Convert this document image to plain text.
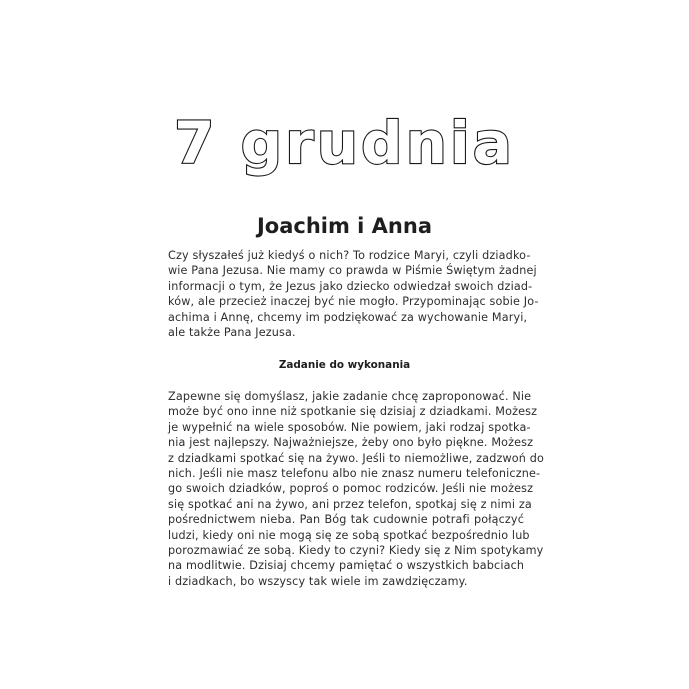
7 grudnia
Joachim i Anna

Czy słyszałeś już kiedyś o nich? To rodzice Maryi, czyli dziadko-
wie Pana Jezusa. Nie mamy co prawda w Piśmie Świętym żadnej
informacji o tym, że Jezus jako dziecko odwiedzał swoich dziad-
ków, ale przecież inaczej być nie mogło. Przypominając sobie Jo-
achima i Annę, chcemy im podziękować za wychowanie Maryi,
ale także Pana Jezusa.

Zadanie do wykonania

Zapewne się domyślasz, jakie zadanie chcę zaproponować. Nie
może być ono inne niż spotkanie się dzisiaj z dziadkami. Możesz
je wypełnić na wiele sposobów. Nie powiem, jaki rodzaj spotka-
nia jest najlepszy. Najważniejsze, żeby ono było piękne. Możesz
z dziadkami spotkać się na żywo. Jeśli to niemożliwe, zadzwoń do
nich. Jeśli nie masz telefonu albo nie znasz numeru telefoniczne-
go swoich dziadków, poproś o pomoc rodziców. Jeśli nie możesz
się spotkać ani na żywo, ani przez telefon, spotkaj się z nimi za
pośrednictwem nieba. Pan Bóg tak cudownie potrafi połączyć
ludzi, kiedy oni nie mogą się ze sobą spotkać bezpośrednio lub
porozmawiać ze sobą. Kiedy to czyni? Kiedy się z Nim spotykamy
na modlitwie. Dzisiaj chcemy pamiętać o wszystkich babciach
i dziadkach, bo wszyscy tak wiele im zawdzięczamy.
